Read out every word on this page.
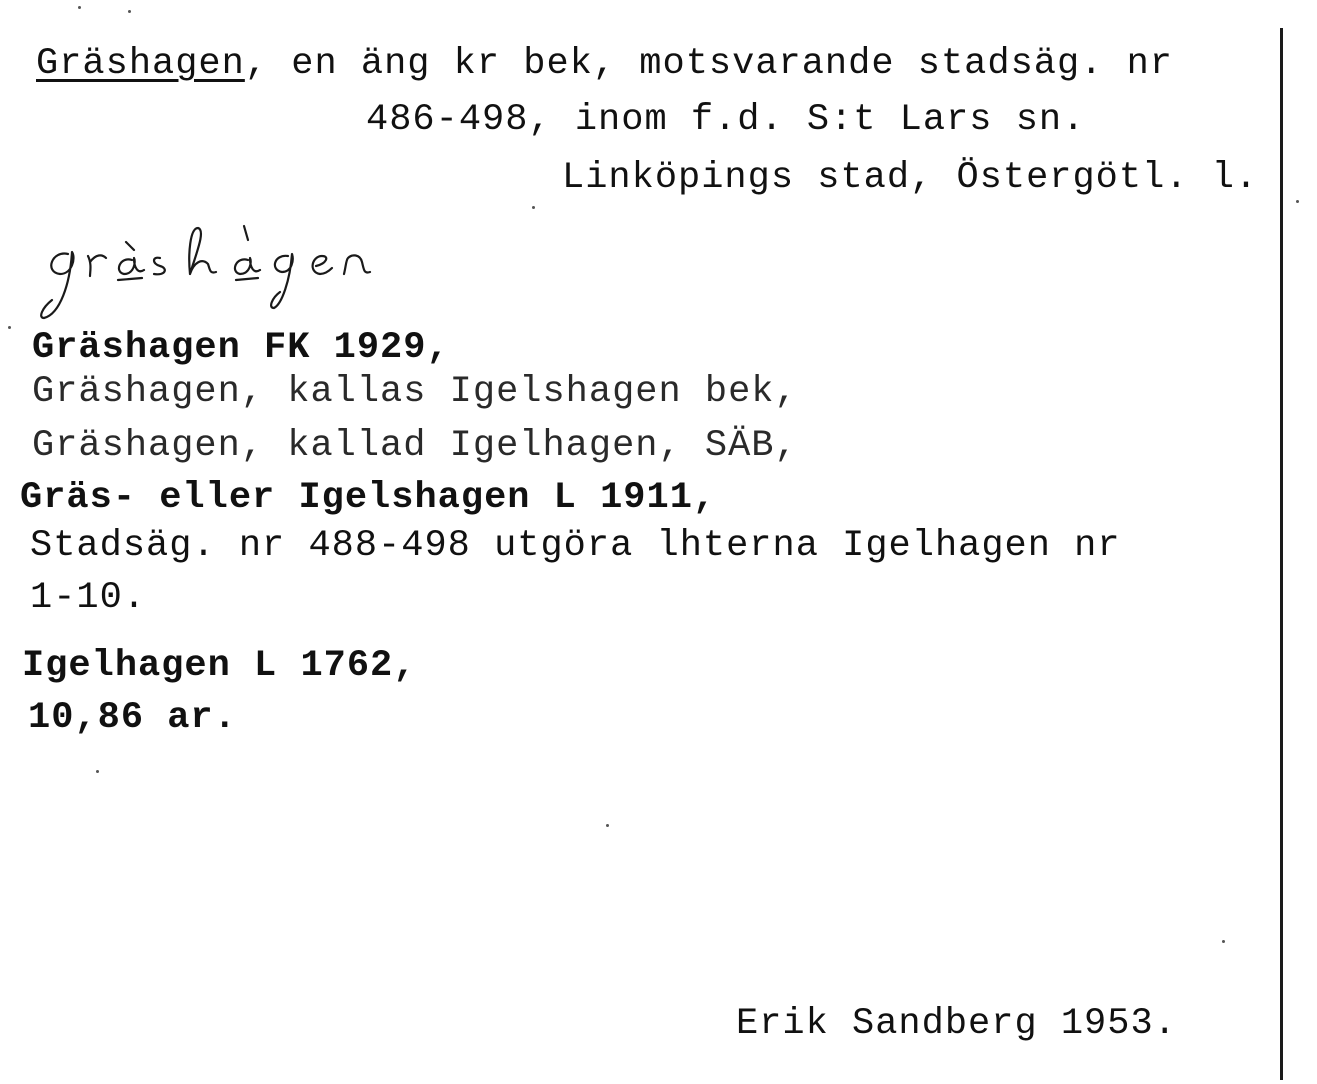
Gräshagen, en äng kr bek, motsvarande stadsäg. nr
486-498, inom f.d. S:t Lars sn.
Linköpings stad, Östergötl. l.
Gräshagen FK 1929,
Gräshagen, kallas Igelshagen bek,
Gräshagen, kallad Igelhagen, SÄB,
Gräs- eller Igelshagen L 1911,
Stadsäg. nr 488-498 utgöra lhterna Igelhagen nr
1-10.
Igelhagen L 1762,
10,86 ar.
Erik Sandberg 1953.
